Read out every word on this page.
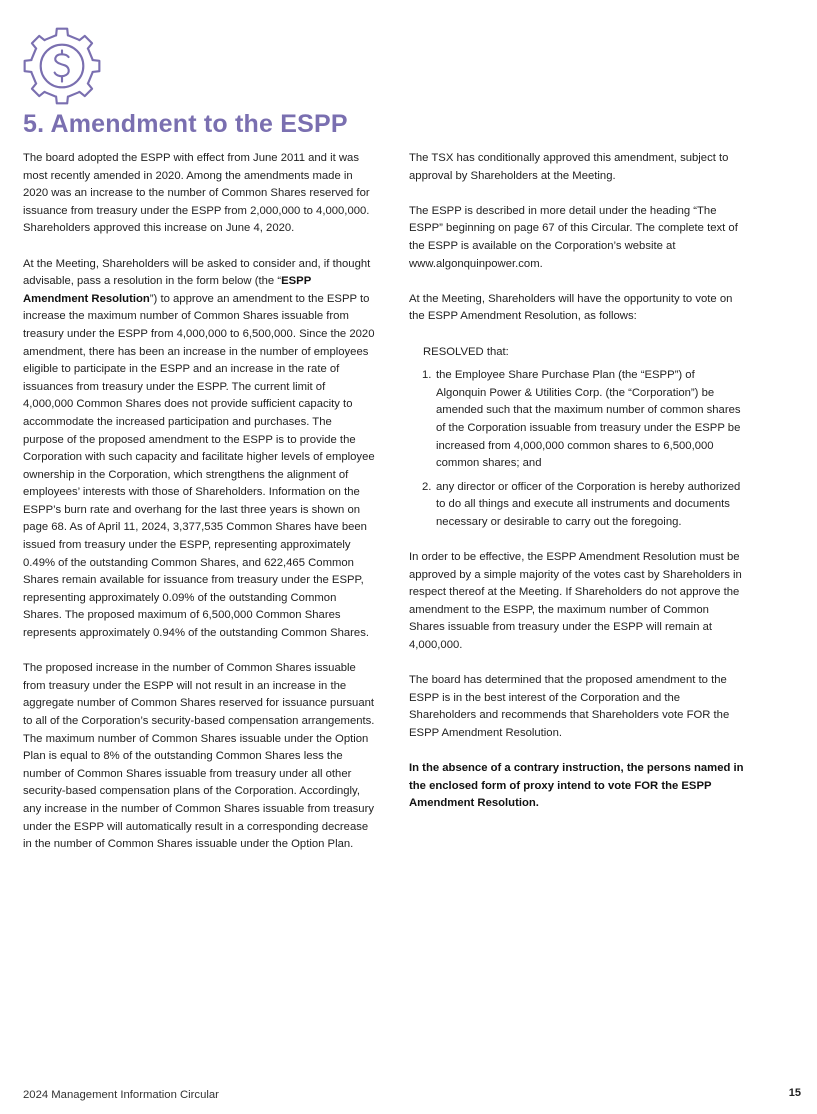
5. Amendment to the ESPP

The board adopted the ESPP with effect from June 2011 and it was most recently amended in 2020. Among the amendments made in 2020 was an increase to the number of Common Shares reserved for issuance from treasury under the ESPP from 2,000,000 to 4,000,000. Shareholders approved this increase on June 4, 2020.

At the Meeting, Shareholders will be asked to consider and, if thought advisable, pass a resolution in the form below (the “ESPP Amendment Resolution”) to approve an amendment to the ESPP to increase the maximum number of Common Shares issuable from treasury under the ESPP from 4,000,000 to 6,500,000. Since the 2020 amendment, there has been an increase in the number of employees eligible to participate in the ESPP and an increase in the rate of issuances from treasury under the ESPP. The current limit of 4,000,000 Common Shares does not provide sufficient capacity to accommodate the increased participation and purchases. The purpose of the proposed amendment to the ESPP is to provide the Corporation with such capacity and facilitate higher levels of employee ownership in the Corporation, which strengthens the alignment of employees’ interests with those of Shareholders. Information on the ESPP’s burn rate and overhang for the last three years is shown on page 68. As of April 11, 2024, 3,377,535 Common Shares have been issued from treasury under the ESPP, representing approximately 0.49% of the outstanding Common Shares, and 622,465 Common Shares remain available for issuance from treasury under the ESPP, representing approximately 0.09% of the outstanding Common Shares. The proposed maximum of 6,500,000 Common Shares represents approximately 0.94% of the outstanding Common Shares.

The proposed increase in the number of Common Shares issuable from treasury under the ESPP will not result in an increase in the aggregate number of Common Shares reserved for issuance pursuant to all of the Corporation’s security-based compensation arrangements. The maximum number of Common Shares issuable under the Option Plan is equal to 8% of the outstanding Common Shares less the number of Common Shares issuable from treasury under all other security-based compensation plans of the Corporation. Accordingly, any increase in the number of Common Shares issuable from treasury under the ESPP will automatically result in a corresponding decrease in the number of Common Shares issuable under the Option Plan.

The TSX has conditionally approved this amendment, subject to approval by Shareholders at the Meeting.

The ESPP is described in more detail under the heading “The ESPP” beginning on page 67 of this Circular. The complete text of the ESPP is available on the Corporation’s website at www.algonquinpower.com.

At the Meeting, Shareholders will have the opportunity to vote on the ESPP Amendment Resolution, as follows:

RESOLVED that:

1. the Employee Share Purchase Plan (the “ESPP”) of Algonquin Power & Utilities Corp. (the “Corporation”) be amended such that the maximum number of common shares of the Corporation issuable from treasury under the ESPP be increased from 4,000,000 common shares to 6,500,000 common shares; and
2. any director or officer of the Corporation is hereby authorized to do all things and execute all instruments and documents necessary or desirable to carry out the foregoing.

In order to be effective, the ESPP Amendment Resolution must be approved by a simple majority of the votes cast by Shareholders in respect thereof at the Meeting. If Shareholders do not approve the amendment to the ESPP, the maximum number of Common Shares issuable from treasury under the ESPP will remain at 4,000,000.

The board has determined that the proposed amendment to the ESPP is in the best interest of the Corporation and the Shareholders and recommends that Shareholders vote FOR the ESPP Amendment Resolution.

In the absence of a contrary instruction, the persons named in the enclosed form of proxy intend to vote FOR the ESPP Amendment Resolution.

2024 Management Information Circular	15
